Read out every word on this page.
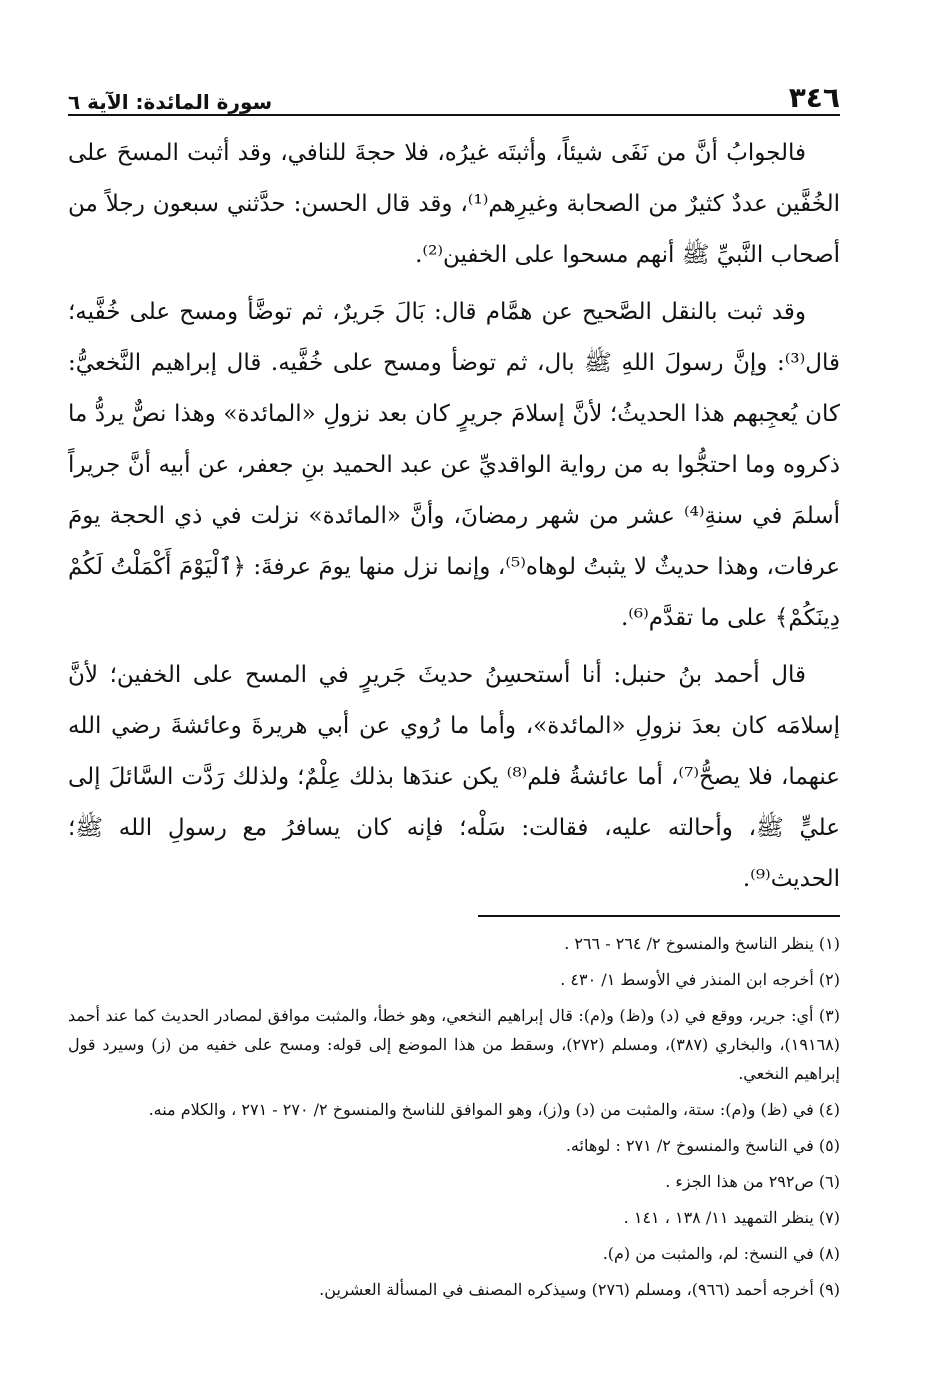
٣٤٦
سورة المائدة: الآية ٦

فالجوابُ أنَّ من نَفَى شيئاً، وأثبتَه غيرُه، فلا حجةَ للنافي، وقد أثبت المسحَ على الخُفَّين عددٌ كثيرٌ من الصحابة وغيرِهم⁽¹⁾، وقد قال الحسن: حدَّثني سبعون رجلاً من أصحاب النَّبيِّ ﷺ أنهم مسحوا على الخفين⁽²⁾.

وقد ثبت بالنقل الصَّحيح عن همَّام قال: بَالَ جَريرٌ، ثم توضَّأ ومسح على خُفَّيه؛ قال⁽³⁾: وإنَّ رسولَ اللهِ ﷺ بال، ثم توضأ ومسح على خُفَّيه. قال إبراهيم النَّخعيُّ: كان يُعجِبهم هذا الحديثُ؛ لأنَّ إسلامَ جريرٍ كان بعد نزولِ «المائدة» وهذا نصٌّ يردُّ ما ذكروه وما احتجُّوا به من رواية الواقديِّ عن عبد الحميد بنِ جعفر، عن أبيه أنَّ جريراً أسلمَ في سنةِ⁽⁴⁾ عشر من شهر رمضانَ، وأنَّ «المائدة» نزلت في ذي الحجة يومَ عرفات، وهذا حديثٌ لا يثبتُ لوهاه⁽⁵⁾، وإنما نزل منها يومَ عرفةَ: ﴿ٱلْيَوْمَ أَكْمَلْتُ لَكُمْ دِينَكُمْ﴾ على ما تقدَّم⁽⁶⁾.

قال أحمد بنُ حنبل: أنا أستحسِنُ حديثَ جَريرٍ في المسح على الخفين؛ لأنَّ إسلامَه كان بعدَ نزولِ «المائدة»، وأما ما رُوي عن أبي هريرةَ وعائشةَ رضي الله عنهما، فلا يصحُّ⁽⁷⁾، أما عائشةُ فلم⁽⁸⁾ يكن عندَها بذلك عِلْمٌ؛ ولذلك رَدَّت السَّائلَ إلى عليٍّ ﷺ، وأحالته عليه، فقالت: سَلْه؛ فإنه كان يسافرُ مع رسولِ الله ﷺ؛ الحديث⁽⁹⁾.

(١) ينظر الناسخ والمنسوخ ٢/ ٢٦٤ - ٢٦٦ .
(٢) أخرجه ابن المنذر في الأوسط ١/ ٤٣٠ .
(٣) أي: جرير، ووقع في (د) و(ظ) و(م): قال إبراهيم النخعي، وهو خطأ، والمثبت موافق لمصادر الحديث كما عند أحمد (١٩١٦٨)، والبخاري (٣٨٧)، ومسلم (٢٧٢)، وسقط من هذا الموضع إلى قوله: ومسح على خفيه من (ز) وسيرد قول إبراهيم النخعي.
(٤) في (ظ) و(م): ستة، والمثبت من (د) و(ز)، وهو الموافق للناسخ والمنسوخ ٢/ ٢٧٠ - ٢٧١ ، والكلام منه.
(٥) في الناسخ والمنسوخ ٢/ ٢٧١ : لوهائه.
(٦) ص٢٩٢ من هذا الجزء .
(٧) ينظر التمهيد ١١/ ١٣٨ ، ١٤١ .
(٨) في النسخ: لم، والمثبت من (م).
(٩) أخرجه أحمد (٩٦٦)، ومسلم (٢٧٦) وسيذكره المصنف في المسألة العشرين.
